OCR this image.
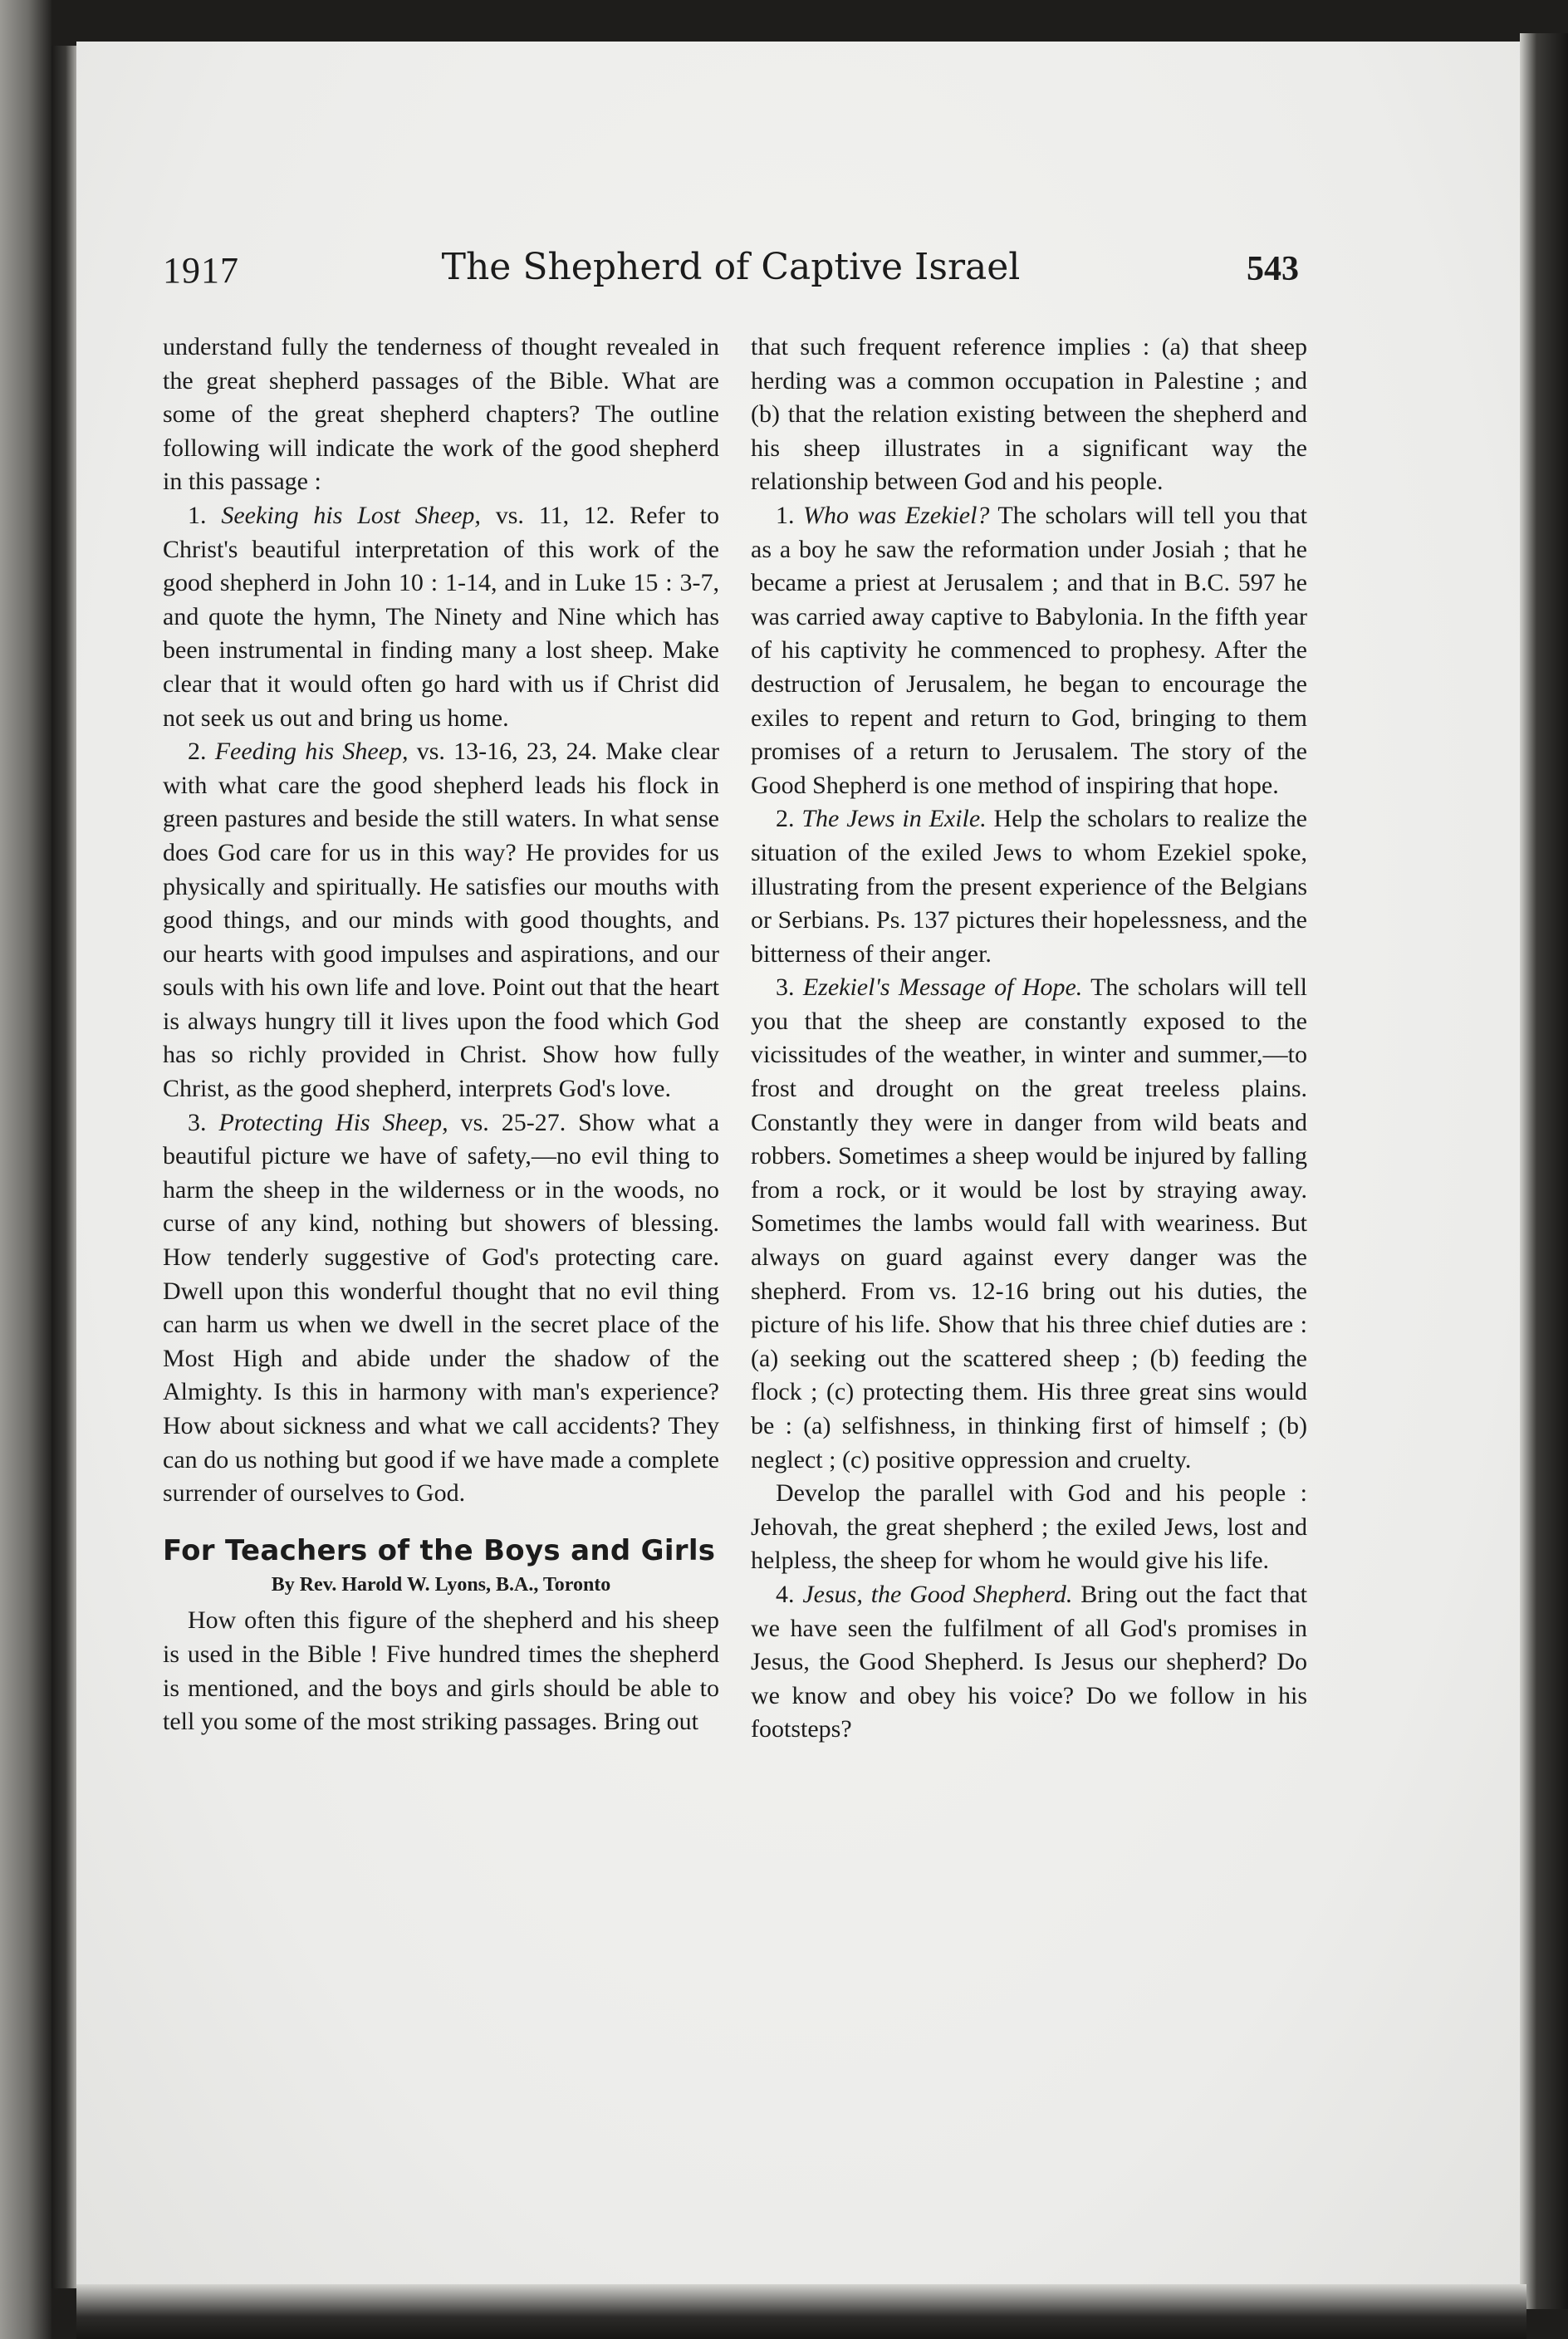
1917	The Shepherd of Captive Israel	543

understand fully the tenderness of thought revealed in the great shepherd passages of the Bible. What are some of the great shepherd chapters? The outline following will indicate the work of the good shepherd in this passage :

1. Seeking his Lost Sheep, vs. 11, 12. Refer to Christ's beautiful interpretation of this work of the good shepherd in John 10 : 1-14, and in Luke 15 : 3-7, and quote the hymn, The Ninety and Nine which has been instrumental in finding many a lost sheep. Make clear that it would often go hard with us if Christ did not seek us out and bring us home.

2. Feeding his Sheep, vs. 13-16, 23, 24. Make clear with what care the good shepherd leads his flock in green pastures and beside the still waters. In what sense does God care for us in this way? He provides for us physically and spiritually. He satisfies our mouths with good things, and our minds with good thoughts, and our hearts with good impulses and aspirations, and our souls with his own life and love. Point out that the heart is always hungry till it lives upon the food which God has so richly provided in Christ. Show how fully Christ, as the good shepherd, interprets God's love.

3. Protecting His Sheep, vs. 25-27. Show what a beautiful picture we have of safety,—no evil thing to harm the sheep in the wilderness or in the woods, no curse of any kind, nothing but showers of blessing. How tenderly suggestive of God's protecting care. Dwell upon this wonderful thought that no evil thing can harm us when we dwell in the secret place of the Most High and abide under the shadow of the Almighty. Is this in harmony with man's experience? How about sickness and what we call accidents? They can do us nothing but good if we have made a complete surrender of ourselves to God.

For Teachers of the Boys and Girls
By Rev. Harold W. Lyons, B.A., Toronto

How often this figure of the shepherd and his sheep is used in the Bible ! Five hundred times the shepherd is mentioned, and the boys and girls should be able to tell you some of the most striking passages. Bring out

that such frequent reference implies : (a) that sheep herding was a common occupation in Palestine ; and (b) that the relation existing between the shepherd and his sheep illustrates in a significant way the relationship between God and his people.

1. Who was Ezekiel? The scholars will tell you that as a boy he saw the reformation under Josiah ; that he became a priest at Jerusalem ; and that in B.C. 597 he was carried away captive to Babylonia. In the fifth year of his captivity he commenced to prophesy. After the destruction of Jerusalem, he began to encourage the exiles to repent and return to God, bringing to them promises of a return to Jerusalem. The story of the Good Shepherd is one method of inspiring that hope.

2. The Jews in Exile. Help the scholars to realize the situation of the exiled Jews to whom Ezekiel spoke, illustrating from the present experience of the Belgians or Serbians. Ps. 137 pictures their hopelessness, and the bitterness of their anger.

3. Ezekiel's Message of Hope. The scholars will tell you that the sheep are constantly exposed to the vicissitudes of the weather, in winter and summer,—to frost and drought on the great treeless plains. Constantly they were in danger from wild beats and robbers. Sometimes a sheep would be injured by falling from a rock, or it would be lost by straying away. Sometimes the lambs would fall with weariness. But always on guard against every danger was the shepherd. From vs. 12-16 bring out his duties, the picture of his life. Show that his three chief duties are : (a) seeking out the scattered sheep ; (b) feeding the flock ; (c) protecting them. His three great sins would be : (a) selfishness, in thinking first of himself ; (b) neglect ; (c) positive oppression and cruelty.

Develop the parallel with God and his people : Jehovah, the great shepherd ; the exiled Jews, lost and helpless, the sheep for whom he would give his life.

4. Jesus, the Good Shepherd. Bring out the fact that we have seen the fulfilment of all God's promises in Jesus, the Good Shepherd. Is Jesus our shepherd? Do we know and obey his voice? Do we follow in his footsteps?
